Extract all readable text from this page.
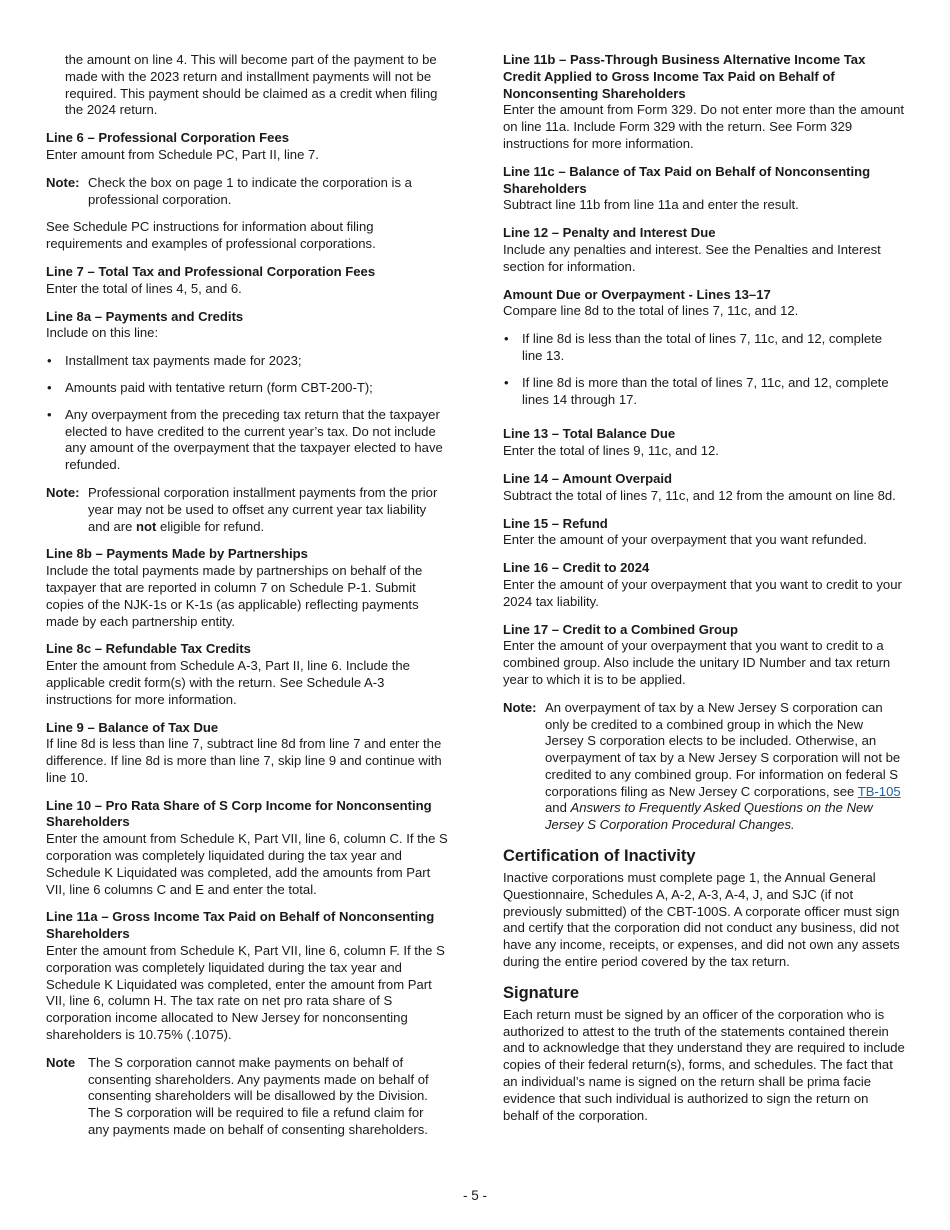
the amount on line 4. This will become part of the payment to be made with the 2023 return and installment payments will not be required. This payment should be claimed as a credit when filing the 2024 return.

Line 6 – Professional Corporation Fees

Enter amount from Schedule PC, Part II, line 7.

Note: Check the box on page 1 to indicate the corporation is a professional corporation.

See Schedule PC instructions for information about filing requirements and examples of professional corporations.

Line 7 – Total Tax and Professional Corporation Fees

Enter the total of lines 4, 5, and 6.

Line 8a – Payments and Credits

Include on this line:

• Installment tax payments made for 2023;
• Amounts paid with tentative return (form CBT-200-T);
• Any overpayment from the preceding tax return that the taxpayer elected to have credited to the current year’s tax. Do not include any amount of the overpayment that the taxpayer elected to have refunded.
Note: Professional corporation installment payments from the prior year may not be used to offset any current year tax liability and are not eligible for refund.
Line 8b – Payments Made by Partnerships

Include the total payments made by partnerships on behalf of the taxpayer that are reported in column 7 on Schedule P-1. Submit copies of the NJK-1s or K-1s (as applicable) reflecting payments made by each partnership entity.

Line 8c – Refundable Tax Credits

Enter the amount from Schedule A-3, Part II, line 6. Include the applicable credit form(s) with the return. See Schedule A-3 instructions for more information.

Line 9 – Balance of Tax Due

If line 8d is less than line 7, subtract line 8d from line 7 and enter the difference. If line 8d is more than line 7, skip line 9 and continue with line 10.

Line 10 – Pro Rata Share of S Corp Income for Nonconsenting Shareholders

Enter the amount from Schedule K, Part VII, line 6, column C. If the S corporation was completely liquidated during the tax year and Schedule K Liquidated was completed, add the amounts from Part VII, line 6 columns C and E and enter the total.

Line 11a – Gross Income Tax Paid on Behalf of Nonconsenting Shareholders

Enter the amount from Schedule K, Part VII, line 6, column F. If the S corporation was completely liquidated during the tax year and Schedule K Liquidated was completed, enter the amount from Part VII, line 6, column H. The tax rate on net pro rata share of S corporation income allocated to New Jersey for nonconsenting shareholders is 10.75% (.1075).

Note The S corporation cannot make payments on behalf of consenting shareholders. Any payments made on behalf of consenting shareholders will be disallowed by the Division. The S corporation will be required to file a refund claim for any payments made on behalf of consenting shareholders.
Line 11b – Pass-Through Business Alternative Income Tax Credit Applied to Gross Income Tax Paid on Behalf of Nonconsenting Shareholders

Enter the amount from Form 329. Do not enter more than the amount on line 11a. Include Form 329 with the return. See Form 329 instructions for more information.

Line 11c – Balance of Tax Paid on Behalf of Nonconsenting Shareholders

Subtract line 11b from line 11a and enter the result.

Line 12 – Penalty and Interest Due

Include any penalties and interest. See the Penalties and Interest section for information.

Amount Due or Overpayment - Lines 13–17

Compare line 8d to the total of lines 7, 11c, and 12.

• If line 8d is less than the total of lines 7, 11c, and 12, complete line 13.
• If line 8d is more than the total of lines 7, 11c, and 12, complete lines 14 through 17.
Line 13 – Total Balance Due

Enter the total of lines 9, 11c, and 12.

Line 14 – Amount Overpaid

Subtract the total of lines 7, 11c, and 12 from the amount on line 8d.

Line 15 – Refund

Enter the amount of your overpayment that you want refunded.

Line 16 – Credit to 2024

Enter the amount of your overpayment that you want to credit to your 2024 tax liability.

Line 17 – Credit to a Combined Group

Enter the amount of your overpayment that you want to credit to a combined group. Also include the unitary ID Number and tax return year to which it is to be applied.

Note: An overpayment of tax by a New Jersey S corporation can only be credited to a combined group in which the New Jersey S corporation elects to be included. Otherwise, an overpayment of tax by a New Jersey S corporation will not be credited to any combined group. For information on federal S corporations filing as New Jersey C corporations, see TB-105 and Answers to Frequently Asked Questions on the New Jersey S Corporation Procedural Changes.
Certification of Inactivity

Inactive corporations must complete page 1, the Annual General Questionnaire, Schedules A, A-2, A-3, A-4, J, and SJC (if not previously submitted) of the CBT-100S. A corporate officer must sign and certify that the corporation did not conduct any business, did not have any income, receipts, or expenses, and did not own any assets during the entire period covered by the tax return.

Signature

Each return must be signed by an officer of the corporation who is authorized to attest to the truth of the statements contained therein and to acknowledge that they understand they are required to include copies of their federal return(s), forms, and schedules. The fact that an individual’s name is signed on the return shall be prima facie evidence that such individual is authorized to sign the return on behalf of the corporation.

- 5 -
